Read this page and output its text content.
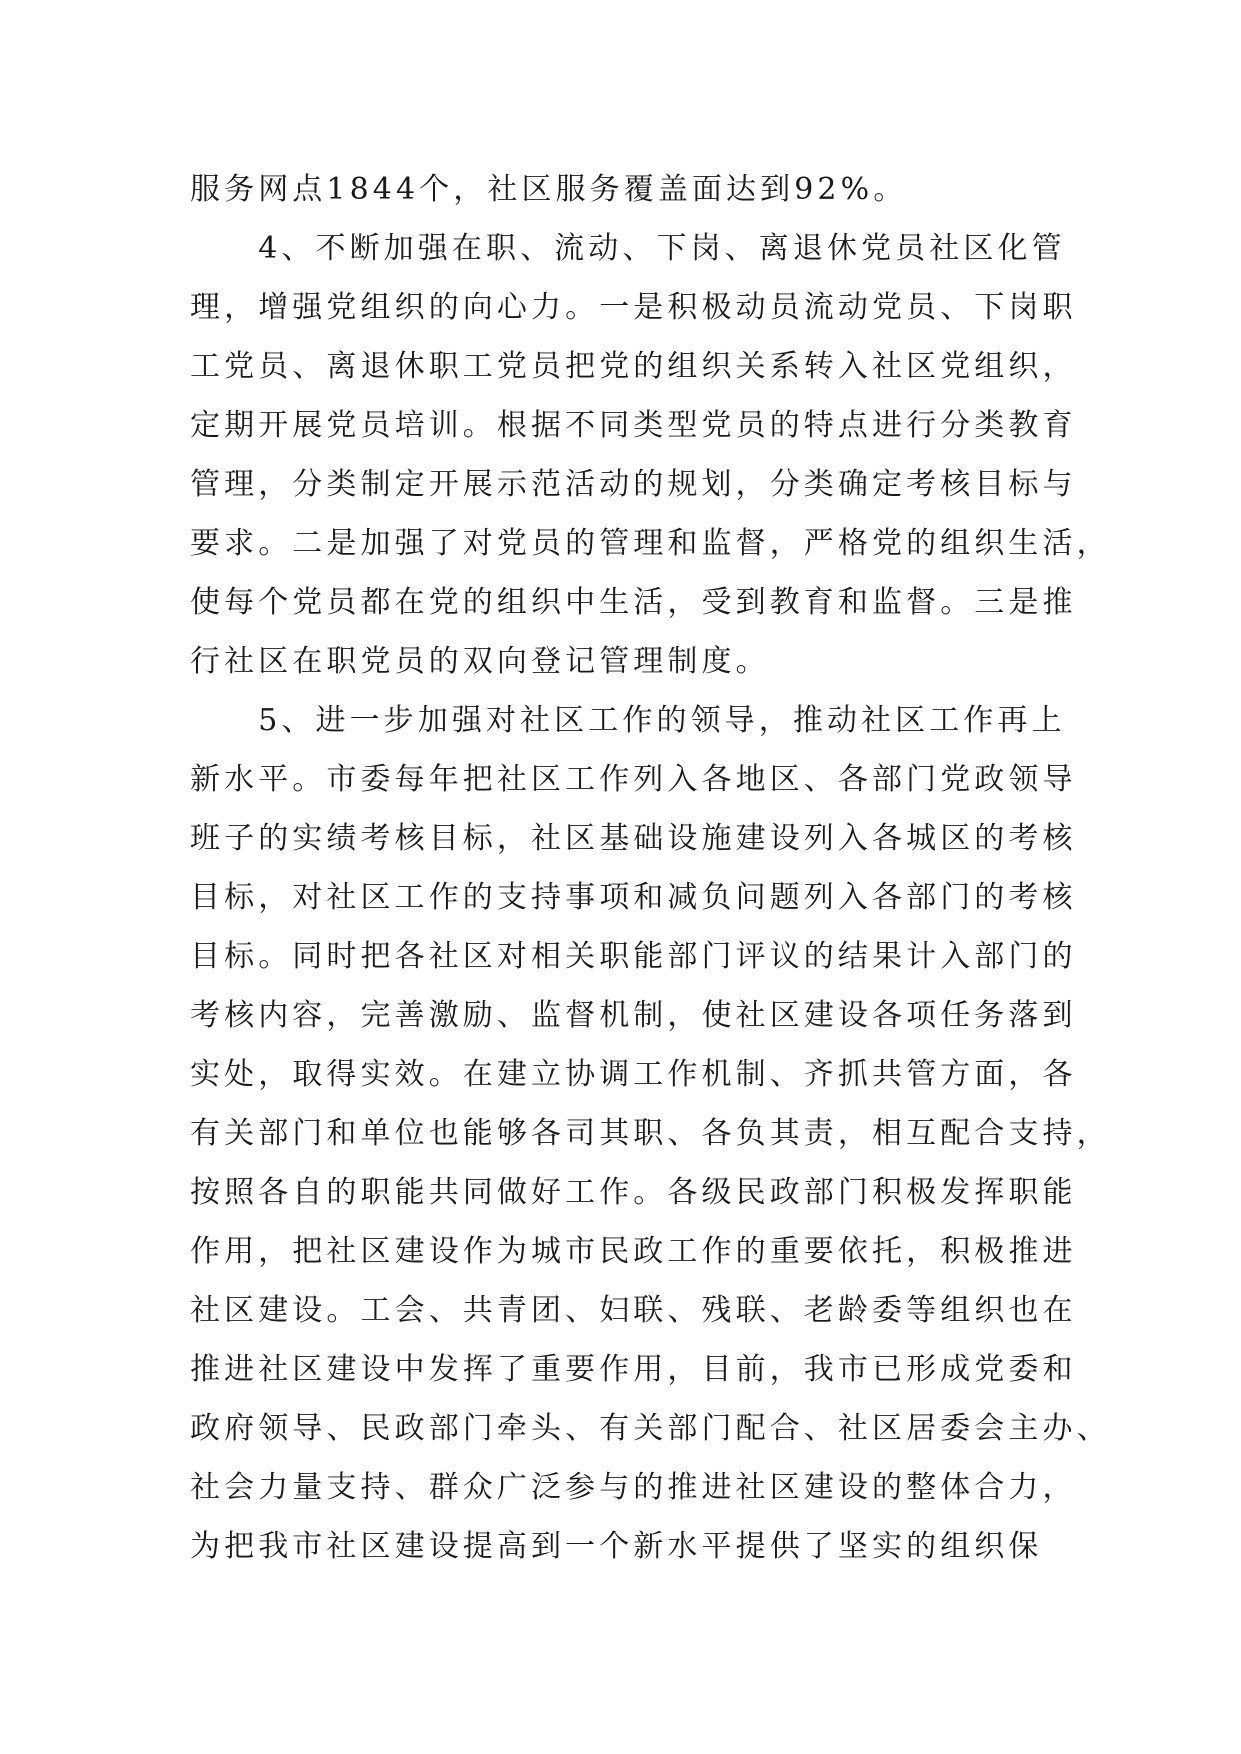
服务网点1844个，社区服务覆盖面达到92%。
　　4、不断加强在职、流动、下岗、离退休党员社区化管
理，增强党组织的向心力。一是积极动员流动党员、下岗职
工党员、离退休职工党员把党的组织关系转入社区党组织，
定期开展党员培训。根据不同类型党员的特点进行分类教育
管理，分类制定开展示范活动的规划，分类确定考核目标与
要求。二是加强了对党员的管理和监督，严格党的组织生活，
使每个党员都在党的组织中生活，受到教育和监督。三是推
行社区在职党员的双向登记管理制度。
　　5、进一步加强对社区工作的领导，推动社区工作再上
新水平。市委每年把社区工作列入各地区、各部门党政领导
班子的实绩考核目标，社区基础设施建设列入各城区的考核
目标，对社区工作的支持事项和减负问题列入各部门的考核
目标。同时把各社区对相关职能部门评议的结果计入部门的
考核内容，完善激励、监督机制，使社区建设各项任务落到
实处，取得实效。在建立协调工作机制、齐抓共管方面，各
有关部门和单位也能够各司其职、各负其责，相互配合支持，
按照各自的职能共同做好工作。各级民政部门积极发挥职能
作用，把社区建设作为城市民政工作的重要依托，积极推进
社区建设。工会、共青团、妇联、残联、老龄委等组织也在
推进社区建设中发挥了重要作用，目前，我市已形成党委和
政府领导、民政部门牵头、有关部门配合、社区居委会主办、
社会力量支持、群众广泛参与的推进社区建设的整体合力，
为把我市社区建设提高到一个新水平提供了坚实的组织保
